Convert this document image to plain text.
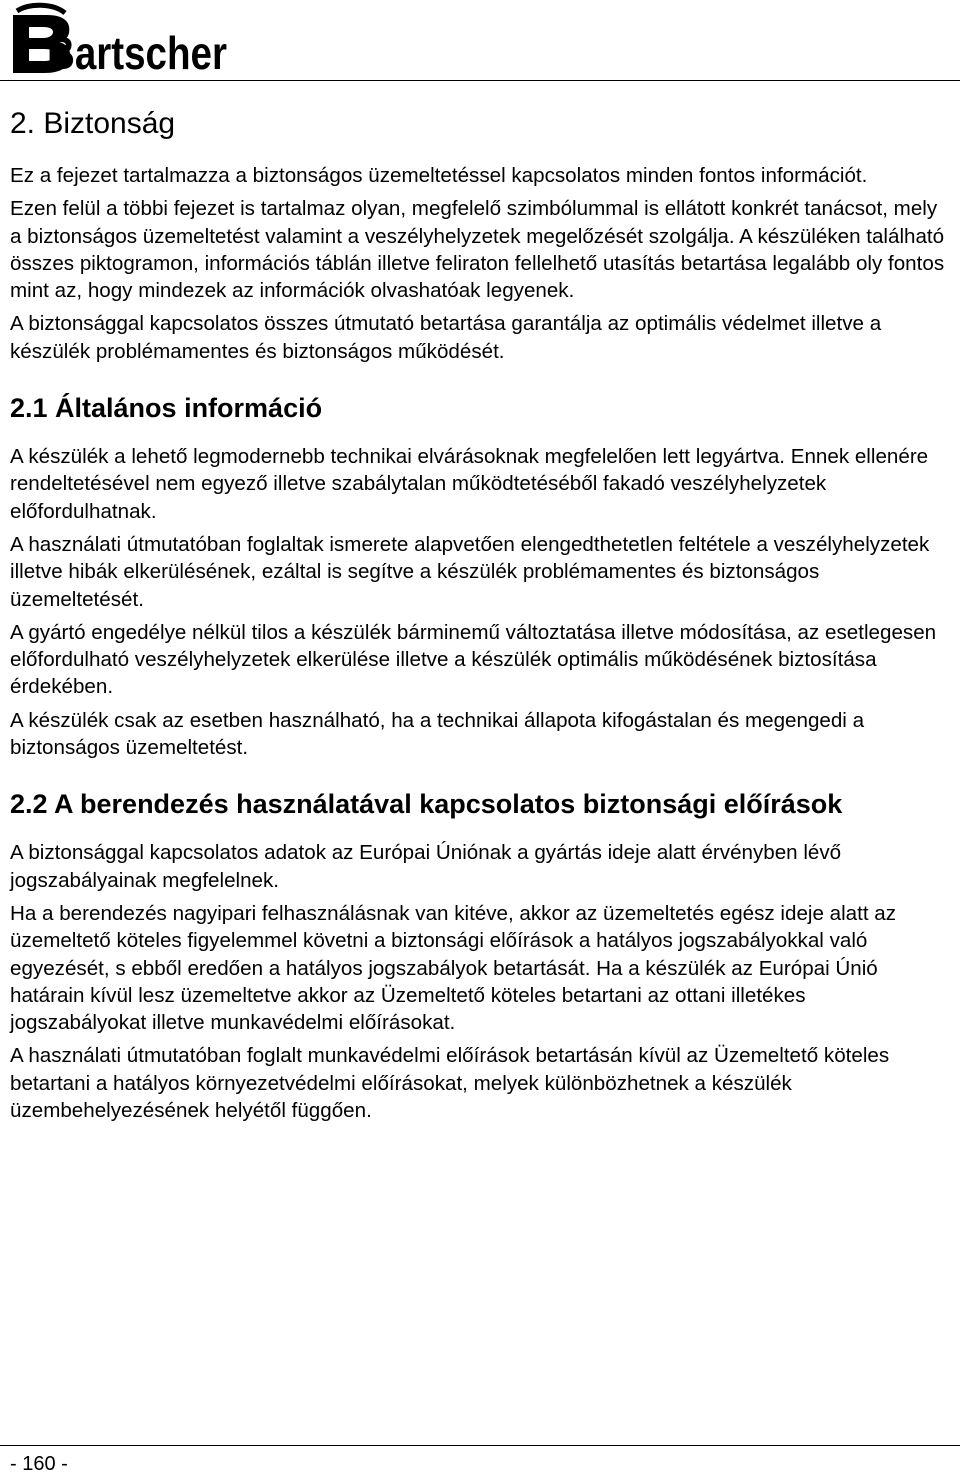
Bartscher
2. Biztonság

Ez a fejezet tartalmazza a biztonságos üzemeltetéssel kapcsolatos minden fontos információt.

Ezen felül a többi fejezet is tartalmaz olyan, megfelelő szimbólummal is ellátott konkrét tanácsot, mely a biztonságos üzemeltetést valamint a veszélyhelyzetek megelőzését szolgálja. A készüléken található összes piktogramon, információs táblán illetve feliraton fellelhető utasítás betartása legalább oly fontos mint az, hogy mindezek az információk olvashatóak legyenek.

A biztonsággal kapcsolatos összes útmutató betartása garantálja az optimális védelmet illetve a készülék problémamentes és biztonságos működését.

2.1 Általános információ

A készülék a lehető legmodernebb technikai elvárásoknak megfelelően lett legyártva. Ennek ellenére rendeltetésével nem egyező illetve szabálytalan működtetéséből fakadó veszélyhelyzetek előfordulhatnak.

A használati útmutatóban foglaltak ismerete alapvetően elengedthetetlen feltétele a veszélyhelyzetek illetve hibák elkerülésének, ezáltal is segítve a készülék problémamentes és biztonságos üzemeltetését.

A gyártó engedélye nélkül tilos a készülék bárminemű változtatása illetve módosítása, az esetlegesen előfordulható veszélyhelyzetek elkerülése illetve a készülék optimális működésének biztosítása érdekében.

A készülék csak az esetben használható, ha a technikai állapota kifogástalan és megengedi a biztonságos üzemeltetést.

2.2 A berendezés használatával kapcsolatos biztonsági előírások

A biztonsággal kapcsolatos adatok az Európai Úniónak a gyártás ideje alatt érvényben lévő jogszabályainak megfelelnek.

Ha a berendezés nagyipari felhasználásnak van kitéve, akkor az üzemeltetés egész ideje alatt az üzemeltető köteles figyelemmel követni a biztonsági előírások a hatályos jogszabályokkal való egyezését, s ebből eredően a hatályos jogszabályok betartását. Ha a készülék az Európai Únió határain kívül lesz üzemeltetve akkor az Üzemeltető köteles betartani az ottani illetékes jogszabályokat illetve munkavédelmi előírásokat.

A használati útmutatóban foglalt munkavédelmi előírások betartásán kívül az Üzemeltető köteles betartani a hatályos környezetvédelmi előírásokat, melyek különbözhetnek a készülék üzembehelyezésének helyétől függően.

- 160 -
